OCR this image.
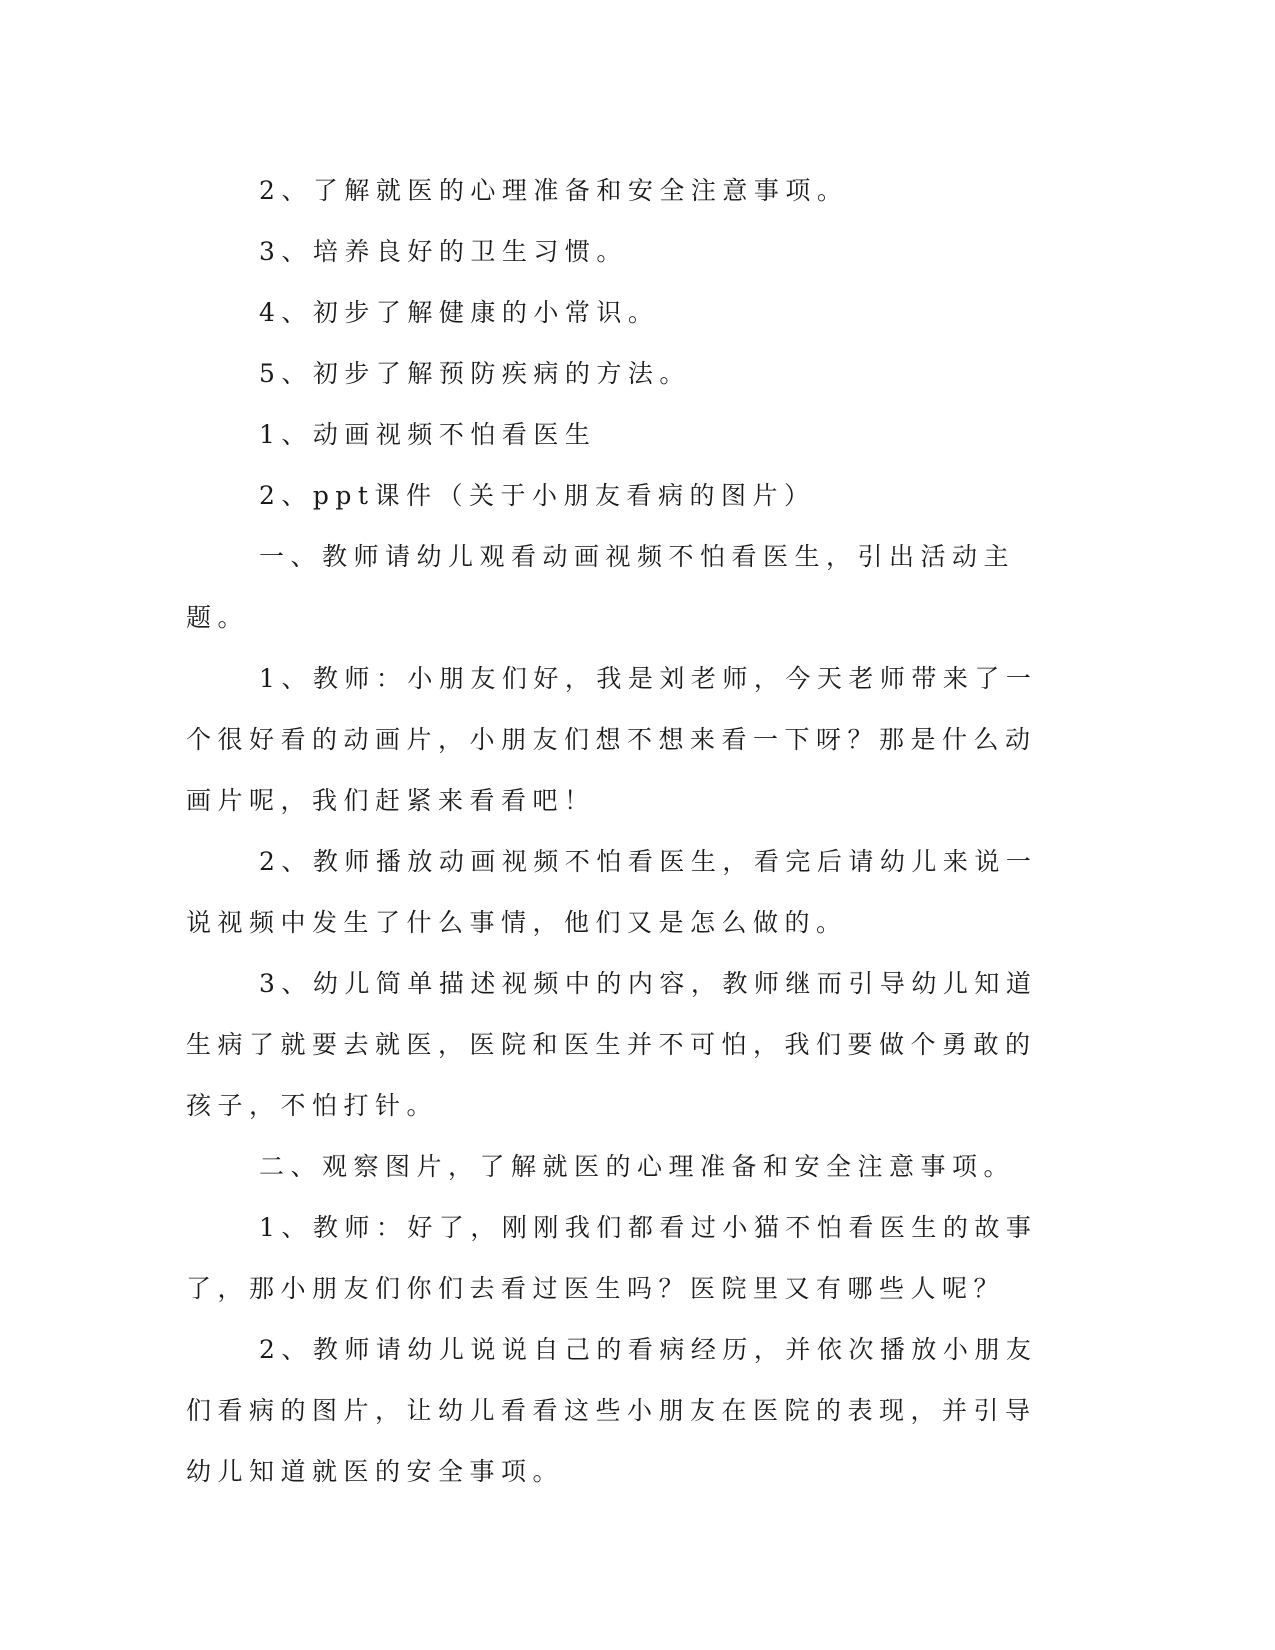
2、了解就医的心理准备和安全注意事项。

3、培养良好的卫生习惯。

4、初步了解健康的小常识。

5、初步了解预防疾病的方法。

1、动画视频不怕看医生

2、ppt课件（关于小朋友看病的图片）

一、教师请幼儿观看动画视频不怕看医生，引出活动主题。

1、教师：小朋友们好，我是刘老师，今天老师带来了一个很好看的动画片，小朋友们想不想来看一下呀？那是什么动画片呢，我们赶紧来看看吧！

2、教师播放动画视频不怕看医生，看完后请幼儿来说一说视频中发生了什么事情，他们又是怎么做的。

3、幼儿简单描述视频中的内容，教师继而引导幼儿知道生病了就要去就医，医院和医生并不可怕，我们要做个勇敢的孩子，不怕打针。

二、观察图片，了解就医的心理准备和安全注意事项。

1、教师：好了，刚刚我们都看过小猫不怕看医生的故事了，那小朋友们你们去看过医生吗？医院里又有哪些人呢？

2、教师请幼儿说说自己的看病经历，并依次播放小朋友们看病的图片，让幼儿看看这些小朋友在医院的表现，并引导幼儿知道就医的安全事项。
